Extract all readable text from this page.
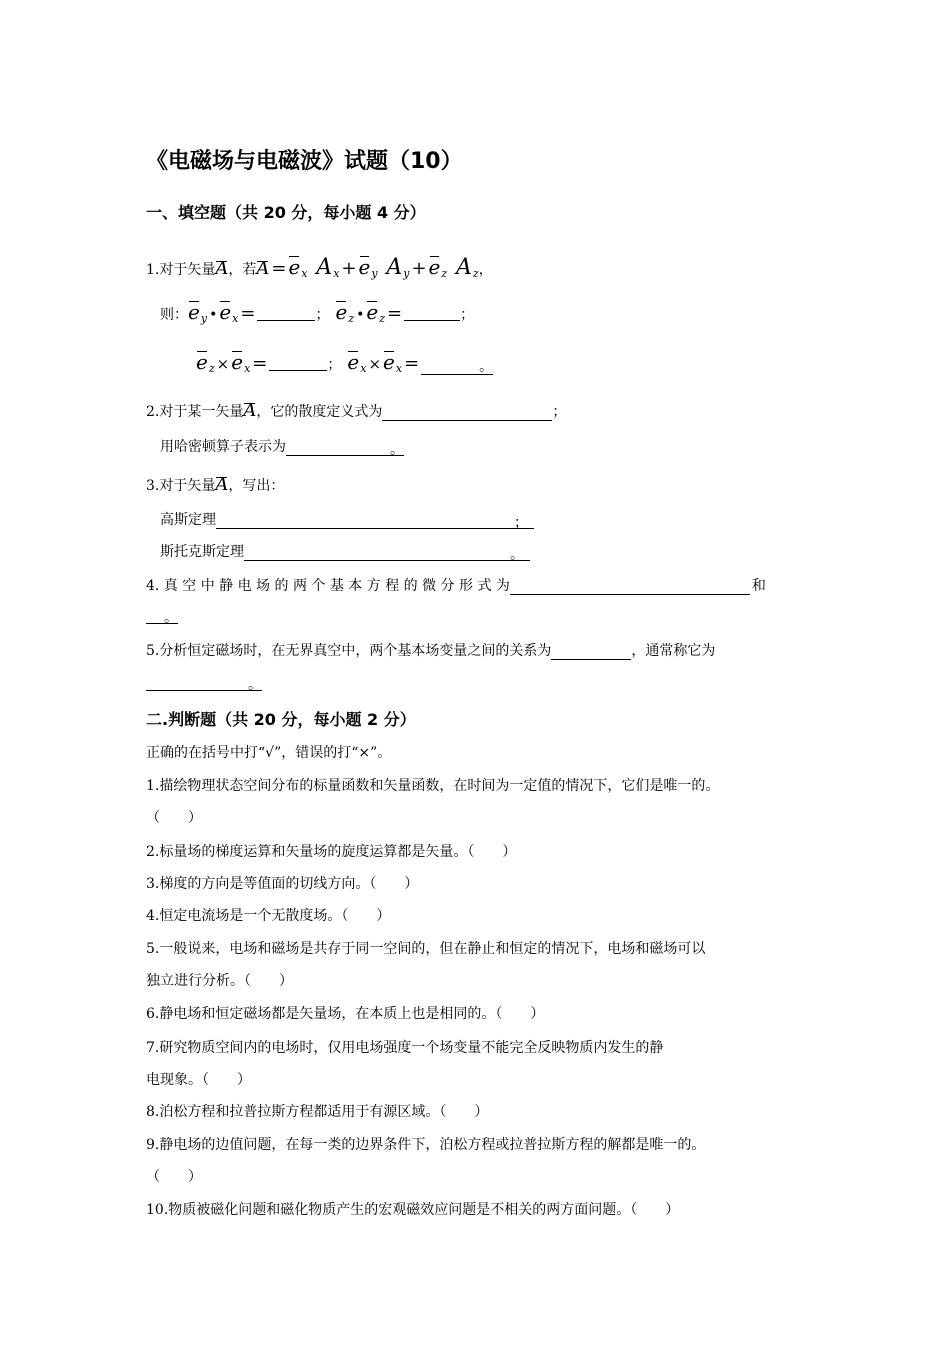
《电磁场与电磁波》试题（10）
一、填空题（共 20 分，每小题 4 分）
1.对于矢量A，若$A = e_x$ $A_x + e_y$ $A_y + e_z$ $A_z$，
则：$e_y$ • $e_x$ =	； $e_z$ • $e_z$ =	；
$e_z \times e_x$ =	； $e_x \times e_x$ =	。
2.对于某一矢量A，它的散度定义式为	；
用哈密顿算子表示为	。
3.对于矢量A，写出：
高斯定理	；
斯托克斯定理	。
4. 真 空 中 静 电 场 的 两 个 基 本 方 程 的 微 分 形 式 为	和
。
5.分析恒定磁场时，在无界真空中，两个基本场变量之间的关系为	，通常称它为
。
二.判断题（共 20 分，每小题 2 分）
正确的在括号中打“√”，错误的打“×”。
1.描绘物理状态空间分布的标量函数和矢量函数，在时间为一定值的情况下，它们是唯一的。
（　　）
2.标量场的梯度运算和矢量场的旋度运算都是矢量。（　　）
3.梯度的方向是等值面的切线方向。（　　）
4.恒定电流场是一个无散度场。（　　）
5.一般说来，电场和磁场是共存于同一空间的，但在静止和恒定的情况下，电场和磁场可以
独立进行分析。（　　）
6.静电场和恒定磁场都是矢量场，在本质上也是相同的。（　　）
7.研究物质空间内的电场时，仅用电场强度一个场变量不能完全反映物质内发生的静
电现象。（　　）
8.泊松方程和拉普拉斯方程都适用于有源区域。（　　）
9.静电场的边值问题，在每一类的边界条件下，泊松方程或拉普拉斯方程的解都是唯一的。
（　　）
10.物质被磁化问题和磁化物质产生的宏观磁效应问题是不相关的两方面问题。（　　）
